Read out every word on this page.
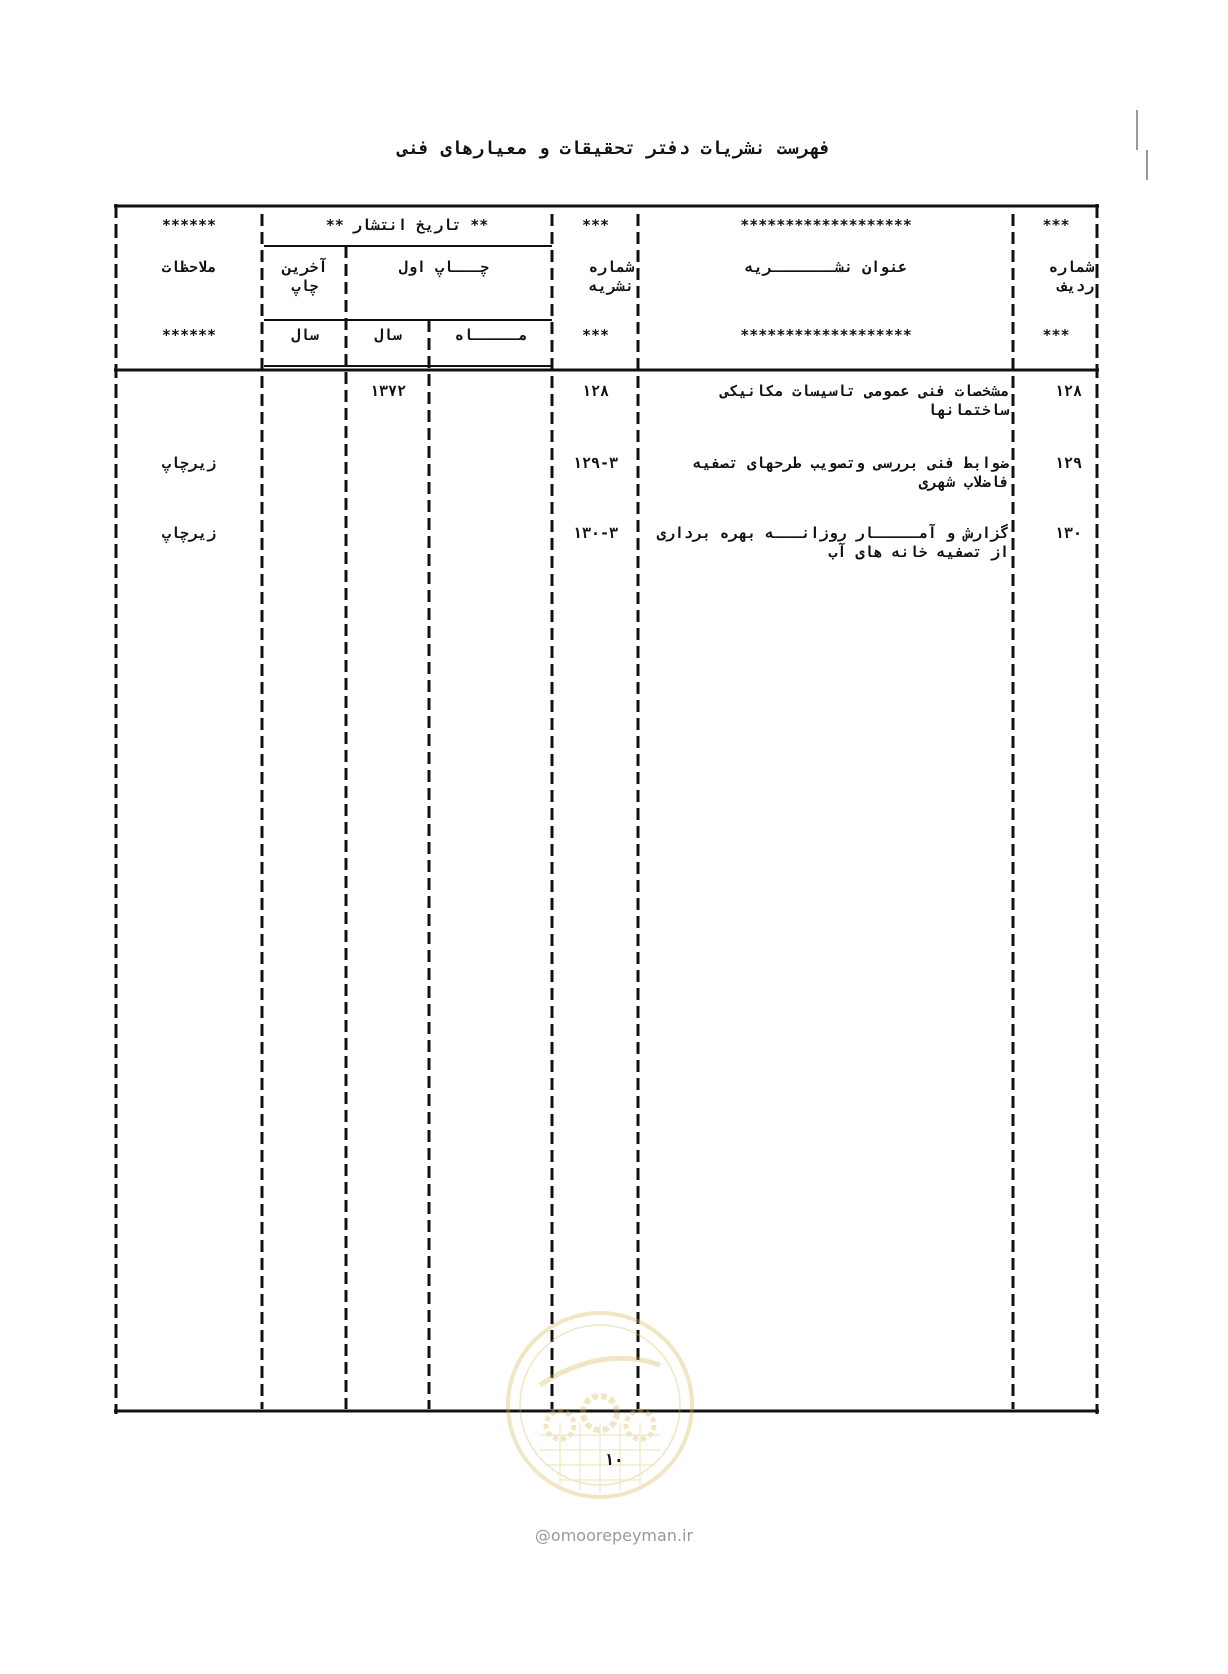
فهرست نشریات دفتر تحقیقات و معیارهای فنی
***
*******************
***
** تاریخ انتشار **
******
شماره ردیف
عنوان نشـــــــریه
شماره نشریه
چـــاپ اول
آخرین چاپ
ملاحظات
***
*******************
***
مـــــاه
سال
سال
******
۱۲۸
مشخصات فنی عمومی تاسیسات مکانیکی ساختمانها
۱۲۸
۱۳۷۲
۱۲۹
ضوابط فنی بررسی وتصویب طرحهای تصفیه فاضلاب شهری
۱۲۹-۳
زیرچاپ
۱۳۰
گزارش و آمـــــار روزانـــه بهره برداری از تصفیه خانه های آب
۱۳۰-۳
زیرچاپ
۱۰
@omoorepeyman.ir
